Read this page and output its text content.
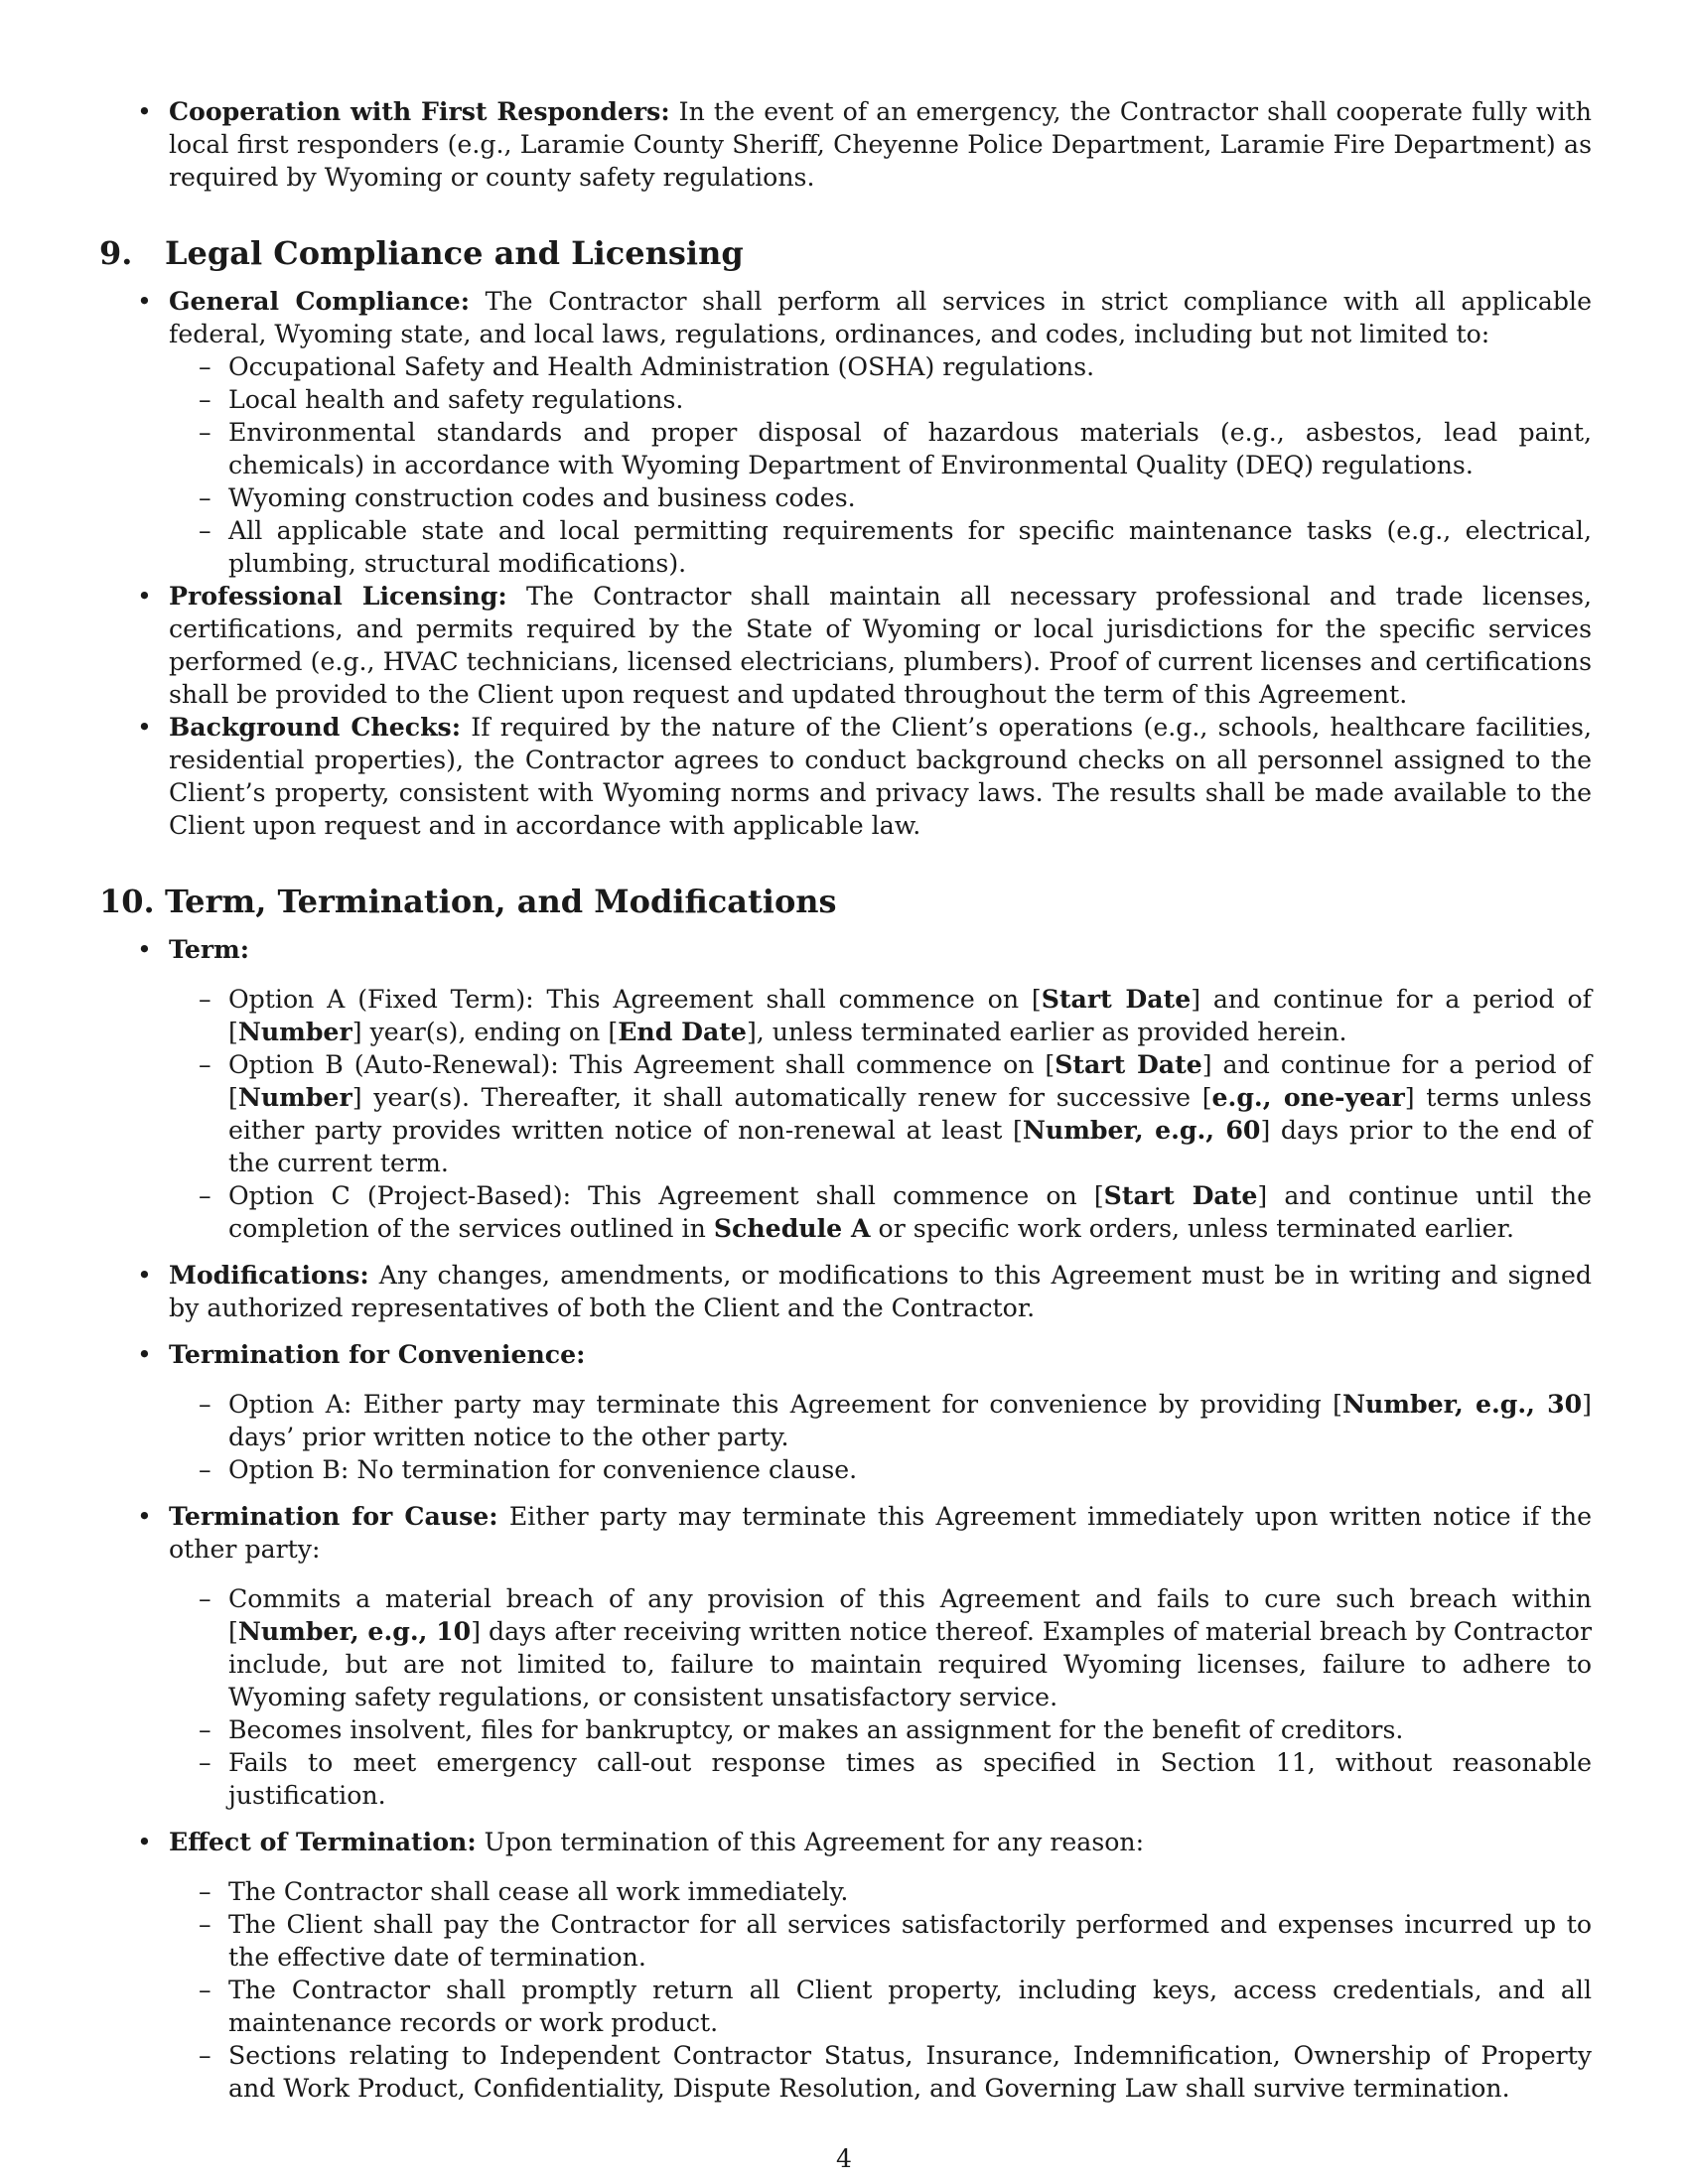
• Cooperation with First Responders: In the event of an emergency, the Contractor shall cooperate fully with local first responders (e.g., Laramie County Sheriff, Cheyenne Police Department, Laramie Fire Department) as required by Wyoming or county safety regulations.
9. Legal Compliance and Licensing
• General Compliance: The Contractor shall perform all services in strict compliance with all applicable federal, Wyoming state, and local laws, regulations, ordinances, and codes, including but not limited to:
– Occupational Safety and Health Administration (OSHA) regulations.
– Local health and safety regulations.
– Environmental standards and proper disposal of hazardous materials (e.g., asbestos, lead paint, chemicals) in accordance with Wyoming Department of Environmental Quality (DEQ) regulations.
– Wyoming construction codes and business codes.
– All applicable state and local permitting requirements for specific maintenance tasks (e.g., electrical, plumbing, structural modifications).
• Professional Licensing: The Contractor shall maintain all necessary professional and trade licenses, certifications, and permits required by the State of Wyoming or local jurisdictions for the specific services performed (e.g., HVAC technicians, licensed electricians, plumbers). Proof of current licenses and certifications shall be provided to the Client upon request and updated throughout the term of this Agreement.
• Background Checks: If required by the nature of the Client’s operations (e.g., schools, healthcare facilities, residential properties), the Contractor agrees to conduct background checks on all personnel assigned to the Client’s property, consistent with Wyoming norms and privacy laws. The results shall be made available to the Client upon request and in accordance with applicable law.
10. Term, Termination, and Modifications
• Term:
– Option A (Fixed Term): This Agreement shall commence on [Start Date] and continue for a period of [Number] year(s), ending on [End Date], unless terminated earlier as provided herein.
– Option B (Auto-Renewal): This Agreement shall commence on [Start Date] and continue for a period of [Number] year(s). Thereafter, it shall automatically renew for successive [e.g., one-year] terms unless either party provides written notice of non-renewal at least [Number, e.g., 60] days prior to the end of the current term.
– Option C (Project-Based): This Agreement shall commence on [Start Date] and continue until the completion of the services outlined in Schedule A or specific work orders, unless terminated earlier.
• Modifications: Any changes, amendments, or modifications to this Agreement must be in writing and signed by authorized representatives of both the Client and the Contractor.
• Termination for Convenience:
– Option A: Either party may terminate this Agreement for convenience by providing [Number, e.g., 30] days’ prior written notice to the other party.
– Option B: No termination for convenience clause.
• Termination for Cause: Either party may terminate this Agreement immediately upon written notice if the other party:
– Commits a material breach of any provision of this Agreement and fails to cure such breach within [Number, e.g., 10] days after receiving written notice thereof. Examples of material breach by Contractor include, but are not limited to, failure to maintain required Wyoming licenses, failure to adhere to Wyoming safety regulations, or consistent unsatisfactory service.
– Becomes insolvent, files for bankruptcy, or makes an assignment for the benefit of creditors.
– Fails to meet emergency call-out response times as specified in Section 11, without reasonable justification.
• Effect of Termination: Upon termination of this Agreement for any reason:
– The Contractor shall cease all work immediately.
– The Client shall pay the Contractor for all services satisfactorily performed and expenses incurred up to the effective date of termination.
– The Contractor shall promptly return all Client property, including keys, access credentials, and all maintenance records or work product.
– Sections relating to Independent Contractor Status, Insurance, Indemnification, Ownership of Property and Work Product, Confidentiality, Dispute Resolution, and Governing Law shall survive termination.
4
